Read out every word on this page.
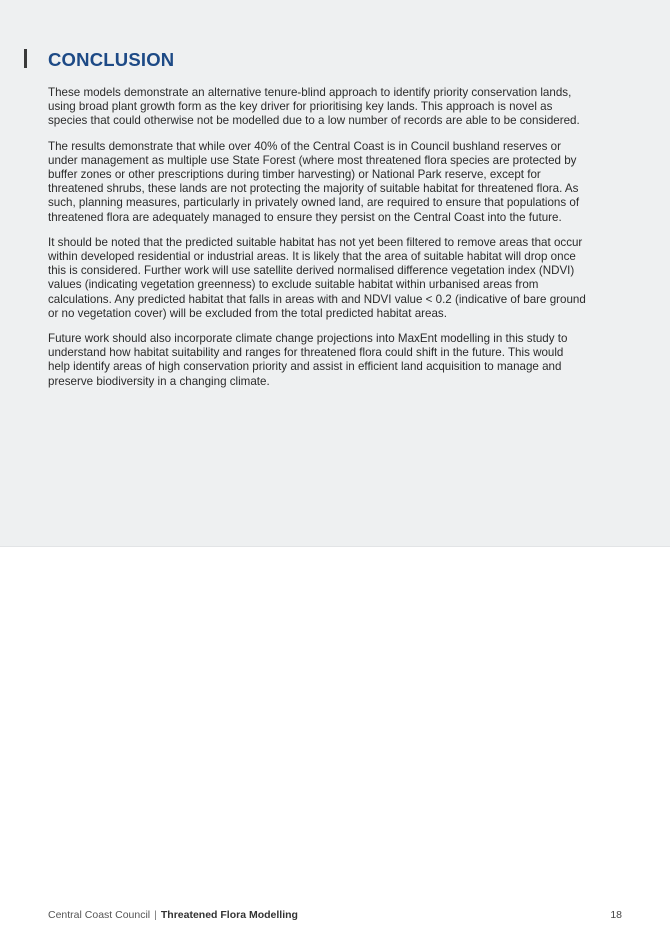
CONCLUSION

These models demonstrate an alternative tenure-blind approach to identify priority conservation lands, using broad plant growth form as the key driver for prioritising key lands. This approach is novel as species that could otherwise not be modelled due to a low number of records are able to be considered.

The results demonstrate that while over 40% of the Central Coast is in Council bushland reserves or under management as multiple use State Forest (where most threatened flora species are protected by buffer zones or other prescriptions during timber harvesting) or National Park reserve, except for threatened shrubs, these lands are not protecting the majority of suitable habitat for threatened flora. As such, planning measures, particularly in privately owned land, are required to ensure that populations of threatened flora are adequately managed to ensure they persist on the Central Coast into the future.

It should be noted that the predicted suitable habitat has not yet been filtered to remove areas that occur within developed residential or industrial areas. It is likely that the area of suitable habitat will drop once this is considered. Further work will use satellite derived normalised difference vegetation index (NDVI) values (indicating vegetation greenness) to exclude suitable habitat within urbanised areas from calculations. Any predicted habitat that falls in areas with and NDVI value < 0.2 (indicative of bare ground or no vegetation cover) will be excluded from the total predicted habitat areas.

Future work should also incorporate climate change projections into MaxEnt modelling in this study to understand how habitat suitability and ranges for threatened flora could shift in the future. This would help identify areas of high conservation priority and assist in efficient land acquisition to manage and preserve biodiversity in a changing climate.

Central Coast Council | Threatened Flora Modelling	18
